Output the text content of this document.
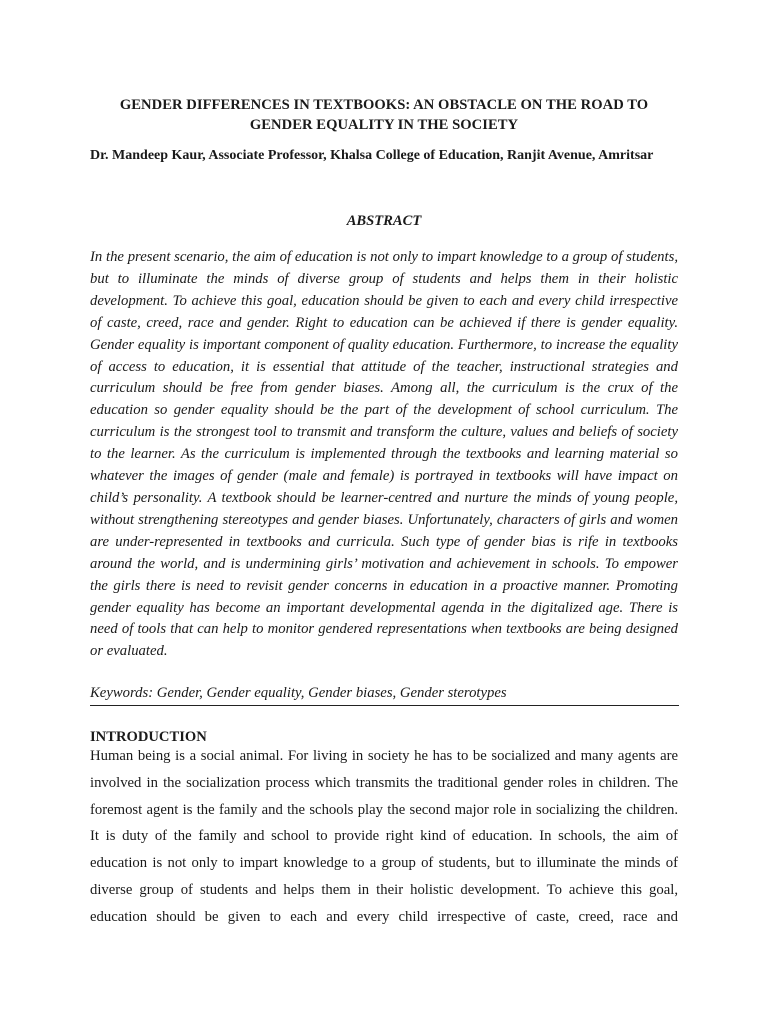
GENDER DIFFERENCES IN TEXTBOOKS: AN OBSTACLE ON THE ROAD TO GENDER EQUALITY IN THE SOCIETY
Dr. Mandeep Kaur, Associate Professor, Khalsa College of Education, Ranjit Avenue, Amritsar
ABSTRACT

In the present scenario, the aim of education is not only to impart knowledge to a group of students, but to illuminate the minds of diverse group of students and helps them in their holistic development. To achieve this goal, education should be given to each and every child irrespective of caste, creed, race and gender. Right to education can be achieved if there is gender equality. Gender equality is important component of quality education. Furthermore, to increase the equality of access to education, it is essential that attitude of the teacher, instructional strategies and curriculum should be free from gender biases. Among all, the curriculum is the crux of the education so gender equality should be the part of the development of school curriculum. The curriculum is the strongest tool to transmit and transform the culture, values and beliefs of society to the learner. As the curriculum is implemented through the textbooks and learning material so whatever the images of gender (male and female) is portrayed in textbooks will have impact on child’s personality. A textbook should be learner-centred and nurture the minds of young people, without strengthening stereotypes and gender biases. Unfortunately, characters of girls and women are under-represented in textbooks and curricula. Such type of gender bias is rife in textbooks around the world, and is undermining girls’ motivation and achievement in schools. To empower the girls there is need to revisit gender concerns in education in a proactive manner. Promoting gender equality has become an important developmental agenda in the digitalized age. There is need of tools that can help to monitor gendered representations when textbooks are being designed or evaluated.

Keywords: Gender, Gender equality, Gender biases, Gender sterotypes

INTRODUCTION

Human being is a social animal. For living in society he has to be socialized and many agents are involved in the socialization process which transmits the traditional gender roles in children. The foremost agent is the family and the schools play the second major role in socializing the children. It is duty of the family and school to provide right kind of education. In schools, the aim of education is not only to impart knowledge to a group of students, but to illuminate the minds of diverse group of students and helps them in their holistic development. To achieve this goal, education should be given to each and every child irrespective of caste, creed, race and
